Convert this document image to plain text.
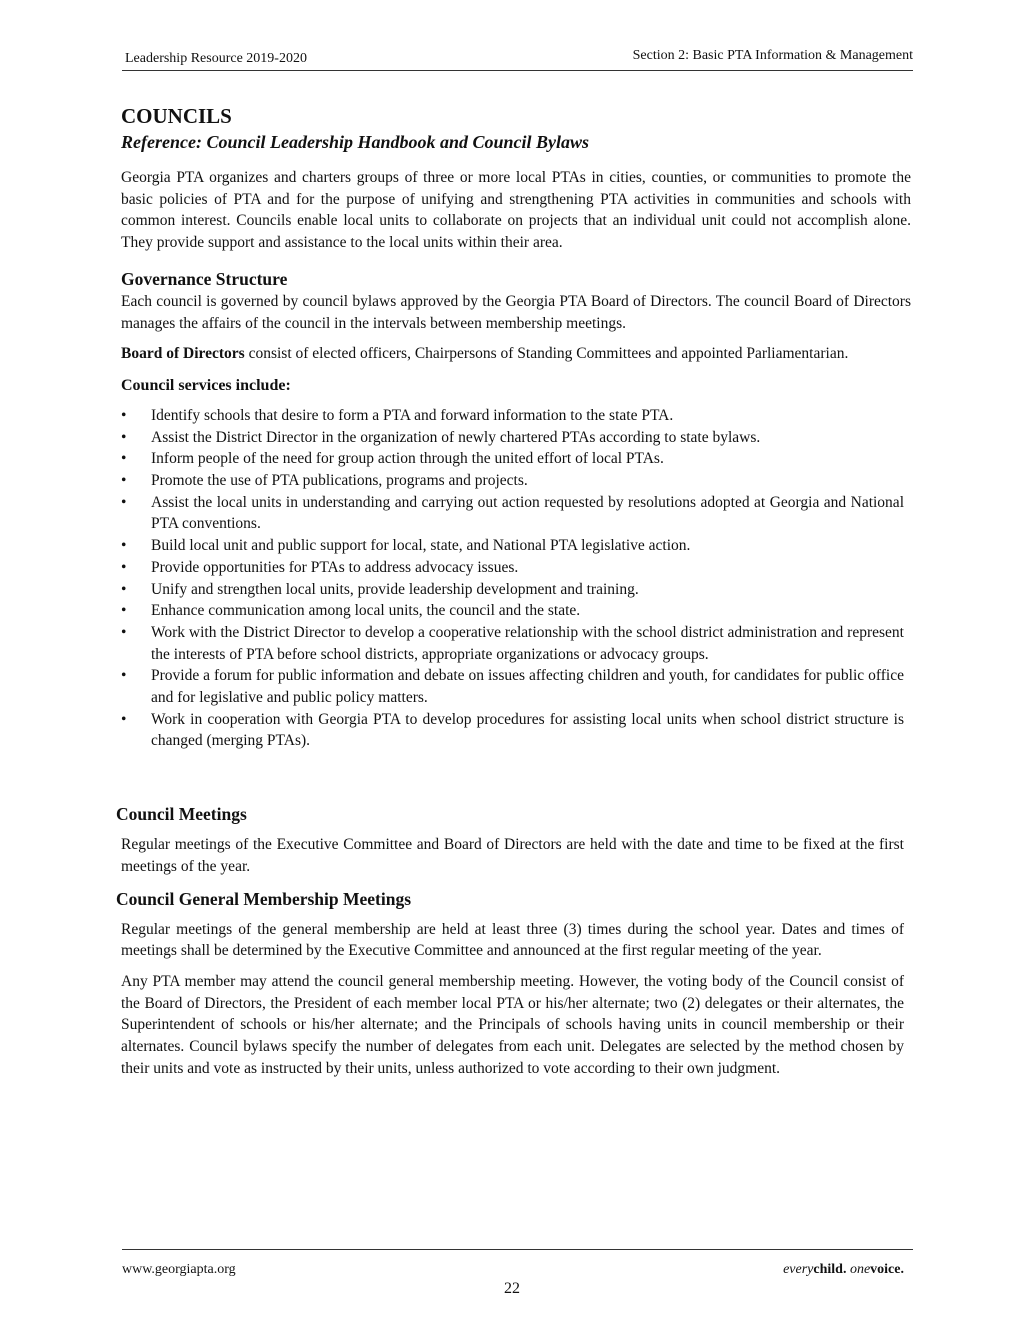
Leadership Resource 2019-2020	Section 2: Basic PTA Information & Management
COUNCILS
Reference: Council Leadership Handbook and Council Bylaws

Georgia PTA organizes and charters groups of three or more local PTAs in cities, counties, or communities to promote the basic policies of PTA and for the purpose of unifying and strengthening PTA activities in communities and schools with common interest. Councils enable local units to collaborate on projects that an individual unit could not accomplish alone. They provide support and assistance to the local units within their area.

Governance Structure

Each council is governed by council bylaws approved by the Georgia PTA Board of Directors. The council Board of Directors manages the affairs of the council in the intervals between membership meetings.

Board of Directors consist of elected officers, Chairpersons of Standing Committees and appointed Parliamentarian.

Council services include:
• Identify schools that desire to form a PTA and forward information to the state PTA.
• Assist the District Director in the organization of newly chartered PTAs according to state bylaws.
• Inform people of the need for group action through the united effort of local PTAs.
• Promote the use of PTA publications, programs and projects.
• Assist the local units in understanding and carrying out action requested by resolutions adopted at Georgia and National PTA conventions.
• Build local unit and public support for local, state, and National PTA legislative action.
• Provide opportunities for PTAs to address advocacy issues.
• Unify and strengthen local units, provide leadership development and training.
• Enhance communication among local units, the council and the state.
• Work with the District Director to develop a cooperative relationship with the school district administration and represent the interests of PTA before school districts, appropriate organizations or advocacy groups.
• Provide a forum for public information and debate on issues affecting children and youth, for candidates for public office and for legislative and public policy matters.
• Work in cooperation with Georgia PTA to develop procedures for assisting local units when school district structure is changed (merging PTAs).
Council Meetings

Regular meetings of the Executive Committee and Board of Directors are held with the date and time to be fixed at the first meetings of the year.

Council General Membership Meetings

Regular meetings of the general membership are held at least three (3) times during the school year. Dates and times of meetings shall be determined by the Executive Committee and announced at the first regular meeting of the year.

Any PTA member may attend the council general membership meeting. However, the voting body of the Council consist of the Board of Directors, the President of each member local PTA or his/her alternate; two (2) delegates or their alternates, the Superintendent of schools or his/her alternate; and the Principals of schools having units in council membership or their alternates. Council bylaws specify the number of delegates from each unit. Delegates are selected by the method chosen by their units and vote as instructed by their units, unless authorized to vote according to their own judgment.

www.georgiapta.org	everychild. onevoice.
22
